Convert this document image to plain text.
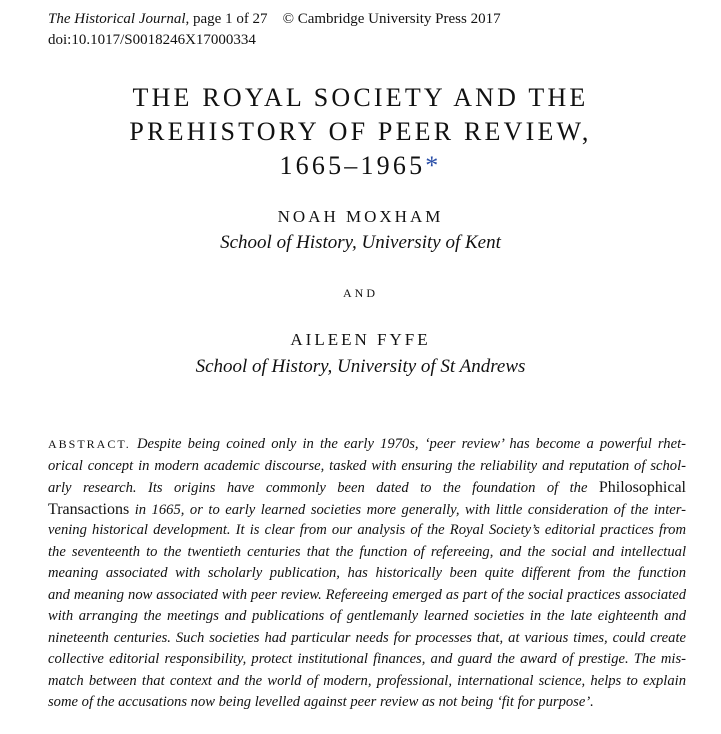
The Historical Journal, page 1 of 27 © Cambridge University Press 2017
doi:10.1017/S0018246X17000334
THE ROYAL SOCIETY AND THE
PREHISTORY OF PEER REVIEW,
1665–1965*
NOAH MOXHAM
School of History, University of Kent
AND
AILEEN FYFE
School of History, University of St Andrews
ABSTRACT. Despite being coined only in the early 1970s, ‘peer review’ has become a powerful rhet-
orical concept in modern academic discourse, tasked with ensuring the reliability and reputation of schol-
arly research. Its origins have commonly been dated to the foundation of the Philosophical
Transactions in 1665, or to early learned societies more generally, with little consideration of the inter-
vening historical development. It is clear from our analysis of the Royal Society’s editorial practices from
the seventeenth to the twentieth centuries that the function of refereeing, and the social and intellectual
meaning associated with scholarly publication, has historically been quite different from the function
and meaning now associated with peer review. Refereeing emerged as part of the social practices associated
with arranging the meetings and publications of gentlemanly learned societies in the late eighteenth and
nineteenth centuries. Such societies had particular needs for processes that, at various times, could create
collective editorial responsibility, protect institutional finances, and guard the award of prestige. The mis-
match between that context and the world of modern, professional, international science, helps to explain
some of the accusations now being levelled against peer review as not being ‘fit for purpose’.
